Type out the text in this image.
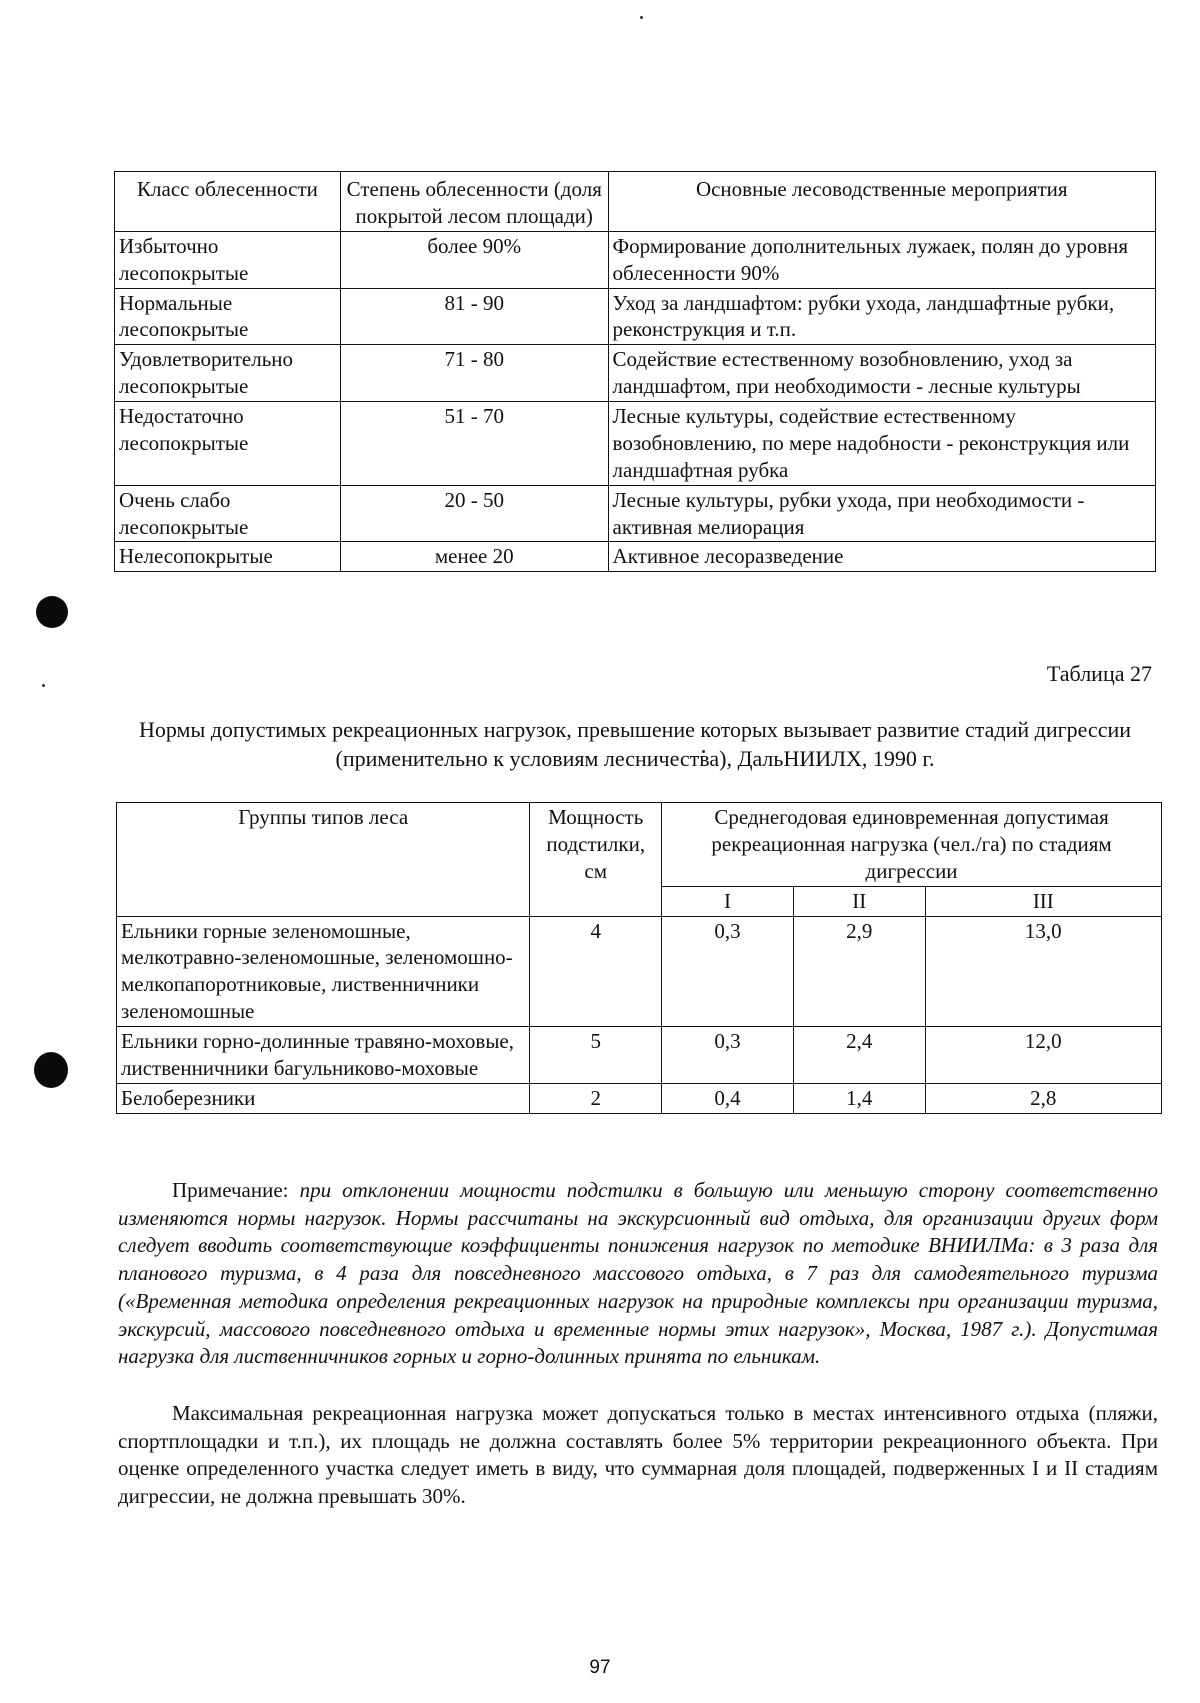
Класс облесенности	Степень облесенности (доля покрытой лесом площади)	Основные лесоводственные мероприятия
Избыточно лесопокрытые	более 90%	Формирование дополнительных лужаек, полян до уровня облесенности 90%
Нормальные лесопокрытые	81 - 90	Уход за ландшафтом: рубки ухода, ландшафтные рубки, реконструкция и т.п.
Удовлетворительно лесопокрытые	71 - 80	Содействие естественному возобновлению, уход за ландшафтом, при необходимости - лесные культуры
Недостаточно лесопокрытые	51 - 70	Лесные культуры, содействие естественному возобновлению, по мере надобности - реконструкция или ландшафтная рубка
Очень слабо лесопокрытые	20 - 50	Лесные культуры, рубки ухода, при необходимости - активная мелиорация
Нелесопокрытые	менее 20	Активное лесоразведение
Таблица 27
Нормы допустимых рекреационных нагрузок, превышение которых вызывает развитие стадий дигрессии (применительно к условиям лесничества), ДальНИИЛХ, 1990 г.
Группы типов леса	Мощность подстилки, см	Среднегодовая единовременная допустимая рекреационная нагрузка (чел./га) по стадиям дигрессии		
		I	II	III
Ельники горные зеленомошные, мелкотравно-зеленомошные, зеленомошно-мелкопапоротниковые, лиственничники зеленомошные	4	0,3	2,9	13,0
Ельники горно-долинные травяно-моховые, лиственничники багульниково-моховые	5	0,3	2,4	12,0
Белоберезники	2	0,4	1,4	2,8
Примечание: при отклонении мощности подстилки в большую или меньшую сторону соответственно изменяются нормы нагрузок. Нормы рассчитаны на экскурсионный вид отдыха, для организации других форм следует вводить соответствующие коэффициенты понижения нагрузок по методике ВНИИЛМа: в 3 раза для планового туризма, в 4 раза для повседневного массового отдыха, в 7 раз для самодеятельного туризма («Временная методика определения рекреационных нагрузок на природные комплексы при организации туризма, экскурсий, массового повседневного отдыха и временные нормы этих нагрузок», Москва, 1987 г.). Допустимая нагрузка для лиственничников горных и горно-долинных принята по ельникам.
Максимальная рекреационная нагрузка может допускаться только в местах интенсивного отдыха (пляжи, спортплощадки и т.п.), их площадь не должна составлять более 5% территории рекреационного объекта. При оценке определенного участка следует иметь в виду, что суммарная доля площадей, подверженных I и II стадиям дигрессии, не должна превышать 30%.
97
